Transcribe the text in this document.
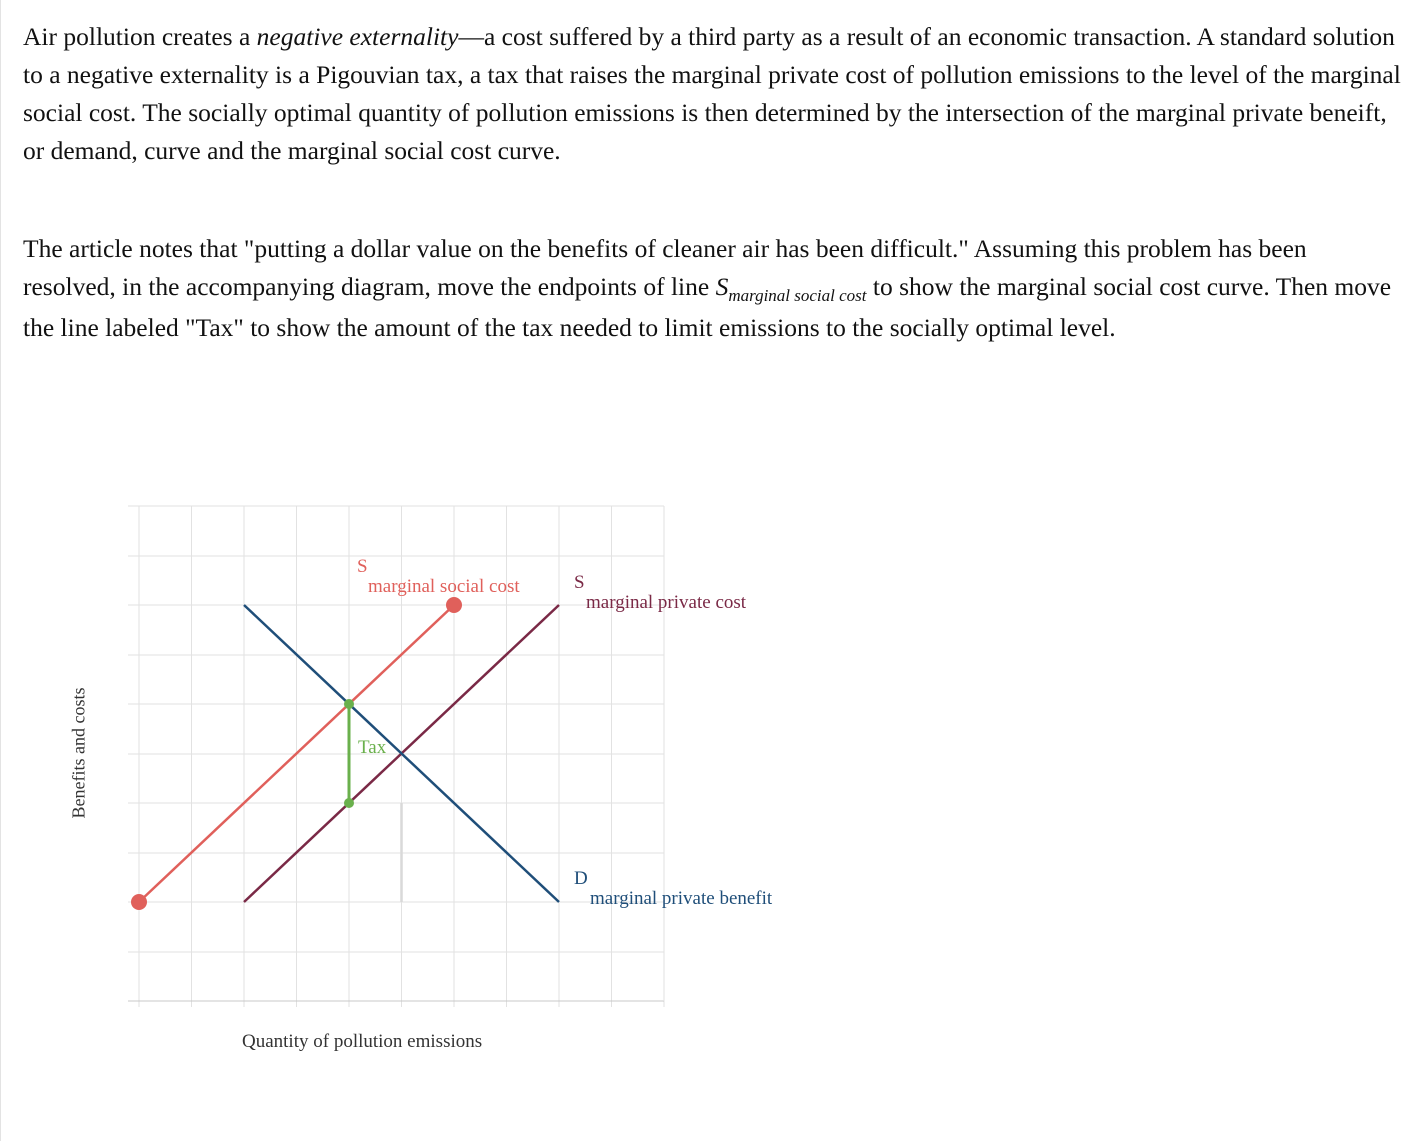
Air pollution creates a negative externality—a cost suffered by a third party as a result of an economic transaction. A standard solution to a negative externality is a Pigouvian tax, a tax that raises the marginal private cost of pollution emissions to the level of the marginal social cost. The socially optimal quantity of pollution emissions is then determined by the intersection of the marginal private beneift, or demand, curve and the marginal social cost curve.

The article notes that "putting a dollar value on the benefits of cleaner air has been difficult." Assuming this problem has been resolved, in the accompanying diagram, move the endpoints of line $S_{marginal social cost}$ to show the marginal social cost curve. Then move the line labeled "Tax" to show the amount of the tax needed to limit emissions to the socially optimal level.

Benefits and costs
Quantity of pollution emissions
S
marginal social cost	S
marginal private cost
D
marginal private benefit
Tax
